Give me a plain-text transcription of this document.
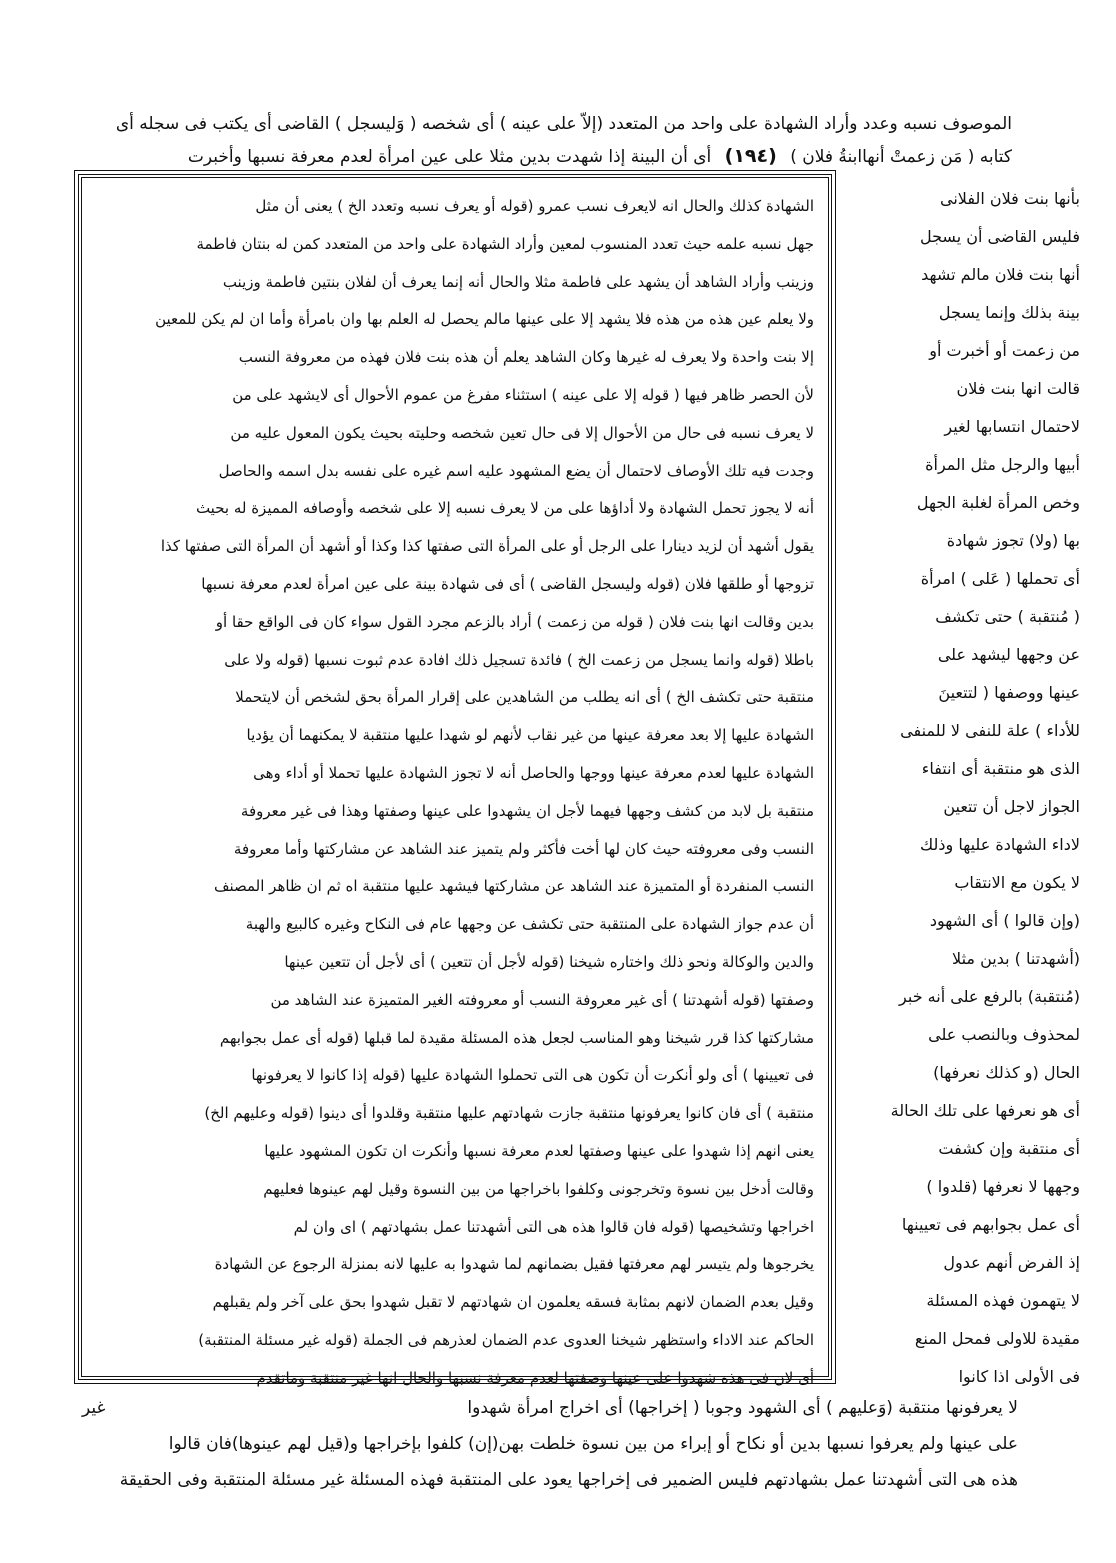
الموصوف نسبه وعدد وأراد الشهادة على واحد من المتعدد (إلاّ على عينه ) أى شخصه ( وَليسجل ) القاضى أى يكتب فى سجله أى
كتابه ( مَن زعمتْ أنهاابنةُ فلان ) (١٩٤) أى أن البينة إذا شهدت بدين مثلا على عين امرأة لعدم معرفة نسبها وأخبرت
بأنها بنت فلان الفلانى
فليس القاضى أن يسجل
أنها بنت فلان مالم تشهد
بينة بذلك وإنما يسجل
من زعمت أو أخبرت أو
قالت انها بنت فلان
لاحتمال انتسابها لغير
أبيها والرجل مثل المرأة
وخص المرأة لغلبة الجهل
بها (ولا) تجوز شهادة
أى تحملها ( عَلى ) امرأة
( مُنتقبة ) حتى تكشف
عن وجهها ليشهد على
عينها ووصفها ( لتتعينَ
للأداء ) علة للنفى لا للمنفى
الذى هو منتقبة أى انتفاء
الجواز لاجل أن تتعين
لاداء الشهادة عليها وذلك
لا يكون مع الانتقاب
(وإن قالوا ) أى الشهود
(أشهدتنا ) بدين مثلا
(مُنتقبة) بالرفع على أنه خبر
لمحذوف وبالنصب على
الحال (و كذلك نعرفها)
أى هو نعرفها على تلك الحالة
أى منتقبة وإن كشفت
وجهها لا نعرفها (قلدوا )
أى عمل بجوابهم فى تعيينها
إذ الفرض أنهم عدول
لا يتهمون فهذه المسئلة
مقيدة للاولى فمحل المنع
فى الأولى اذا كانوا
الشهادة كذلك والحال انه لايعرف نسب عمرو (قوله أو يعرف نسبه وتعدد الخ ) يعنى أن مثل
جهل نسبه علمه حيث تعدد المنسوب لمعين وأراد الشهادة على واحد من المتعدد كمن له بنتان فاطمة
وزينب وأراد الشاهد أن يشهد على فاطمة مثلا والحال أنه إنما يعرف أن لفلان بنتين فاطمة وزينب
ولا يعلم عين هذه من هذه فلا يشهد إلا على عينها مالم يحصل له العلم بها وان بامرأة وأما ان لم يكن للمعين
إلا بنت واحدة ولا يعرف له غيرها وكان الشاهد يعلم أن هذه بنت فلان فهذه من معروفة النسب
لأن الحصر ظاهر فيها ( قوله إلا على عينه ) استثناء مفرغ من عموم الأحوال أى لايشهد على من
لا يعرف نسبه فى حال من الأحوال إلا فى حال تعين شخصه وحليته بحيث يكون المعول عليه من
وجدت فيه تلك الأوصاف لاحتمال أن يضع المشهود عليه اسم غيره على نفسه بدل اسمه والحاصل
أنه لا يجوز تحمل الشهادة ولا أداؤها على من لا يعرف نسبه إلا على شخصه وأوصافه المميزة له بحيث
يقول أشهد أن لزيد دينارا على الرجل أو على المرأة التى صفتها كذا وكذا أو أشهد أن المرأة التى صفتها كذا
تزوجها أو طلقها فلان (قوله وليسجل القاضى ) أى فى شهادة بينة على عين امرأة لعدم معرفة نسبها
بدين وقالت انها بنت فلان ( قوله من زعمت ) أراد بالزعم مجرد القول سواء كان فى الواقع حقا أو
باطلا (قوله وانما يسجل من زعمت الخ ) فائدة تسجيل ذلك افادة عدم ثبوت نسبها (قوله ولا على
منتقبة حتى تكشف الخ ) أى انه يطلب من الشاهدين على إقرار المرأة بحق لشخص أن لايتحملا
الشهادة عليها إلا بعد معرفة عينها من غير نقاب لأنهم لو شهدا عليها منتقبة لا يمكنهما أن يؤديا
الشهادة عليها لعدم معرفة عينها ووجها والحاصل أنه لا تجوز الشهادة عليها تحملا أو أداء وهى
منتقبة بل لابد من كشف وجهها فيهما لأجل ان يشهدوا على عينها وصفتها وهذا فى غير معروفة
النسب وفى معروفته حيث كان لها أخت فأكثر ولم يتميز عند الشاهد عن مشاركتها وأما معروفة
النسب المنفردة أو المتميزة عند الشاهد عن مشاركتها فيشهد عليها منتقبة اه ثم ان ظاهر المصنف
أن عدم جواز الشهادة على المنتقبة حتى تكشف عن وجهها عام فى النكاح وغيره كالبيع والهبة
والدين والوكالة ونحو ذلك واختاره شيخنا (قوله لأجل أن تتعين ) أى لأجل أن تتعين عينها
وصفتها (قوله أشهدتنا ) أى غير معروفة النسب أو معروفته الغير المتميزة عند الشاهد من
مشاركتها كذا قرر شيخنا وهو المناسب لجعل هذه المسئلة مقيدة لما قبلها (قوله أى عمل بجوابهم
فى تعيينها ) أى ولو أنكرت أن تكون هى التى تحملوا الشهادة عليها (قوله إذا كانوا لا يعرفونها
منتقبة ) أى فان كانوا يعرفونها منتقبة جازت شهادتهم عليها منتقبة وقلدوا أى دينوا (قوله وعليهم الخ)
يعنى انهم إذا شهدوا على عينها وصفتها لعدم معرفة نسبها وأنكرت ان تكون المشهود عليها
وقالت أدخل بين نسوة وتخرجونى وكلفوا باخراجها من بين النسوة وقيل لهم عينوها فعليهم
اخراجها وتشخيصها (قوله فان قالوا هذه هى التى أشهدتنا عمل بشهادتهم ) اى وان لم
يخرجوها ولم يتيسر لهم معرفتها فقيل بضمانهم لما شهدوا به عليها لانه بمنزلة الرجوع عن الشهادة
وقيل بعدم الضمان لانهم بمثابة فسقه يعلمون ان شهادتهم لا تقبل شهدوا بحق على آخر ولم يقبلهم
الحاكم عند الاداء واستظهر شيخنا العدوى عدم الضمان لعذرهم فى الجملة (قوله غير مسئلة المنتقبة)
أى لان فى هذه شهدوا على عينها وصفتها لعدم معرفة نسبها والحال انها غير منتقبة وماتقدم
لا يعرفونها منتقبة (وَعليهم ) أى الشهود وجوبا ( إخراجها) أى اخراج امرأة شهدوا
غير
على عينها ولم يعرفوا نسبها بدين أو نكاح أو إبراء من بين نسوة خلطت بهن(إن) كلفوا بإخراجها و(قيل لهم عينوها)فان قالوا
هذه هى التى أشهدتنا عمل بشهادتهم فليس الضمير فى إخراجها يعود على المنتقبة فهذه المسئلة غير مسئلة المنتقبة وفى الحقيقة
